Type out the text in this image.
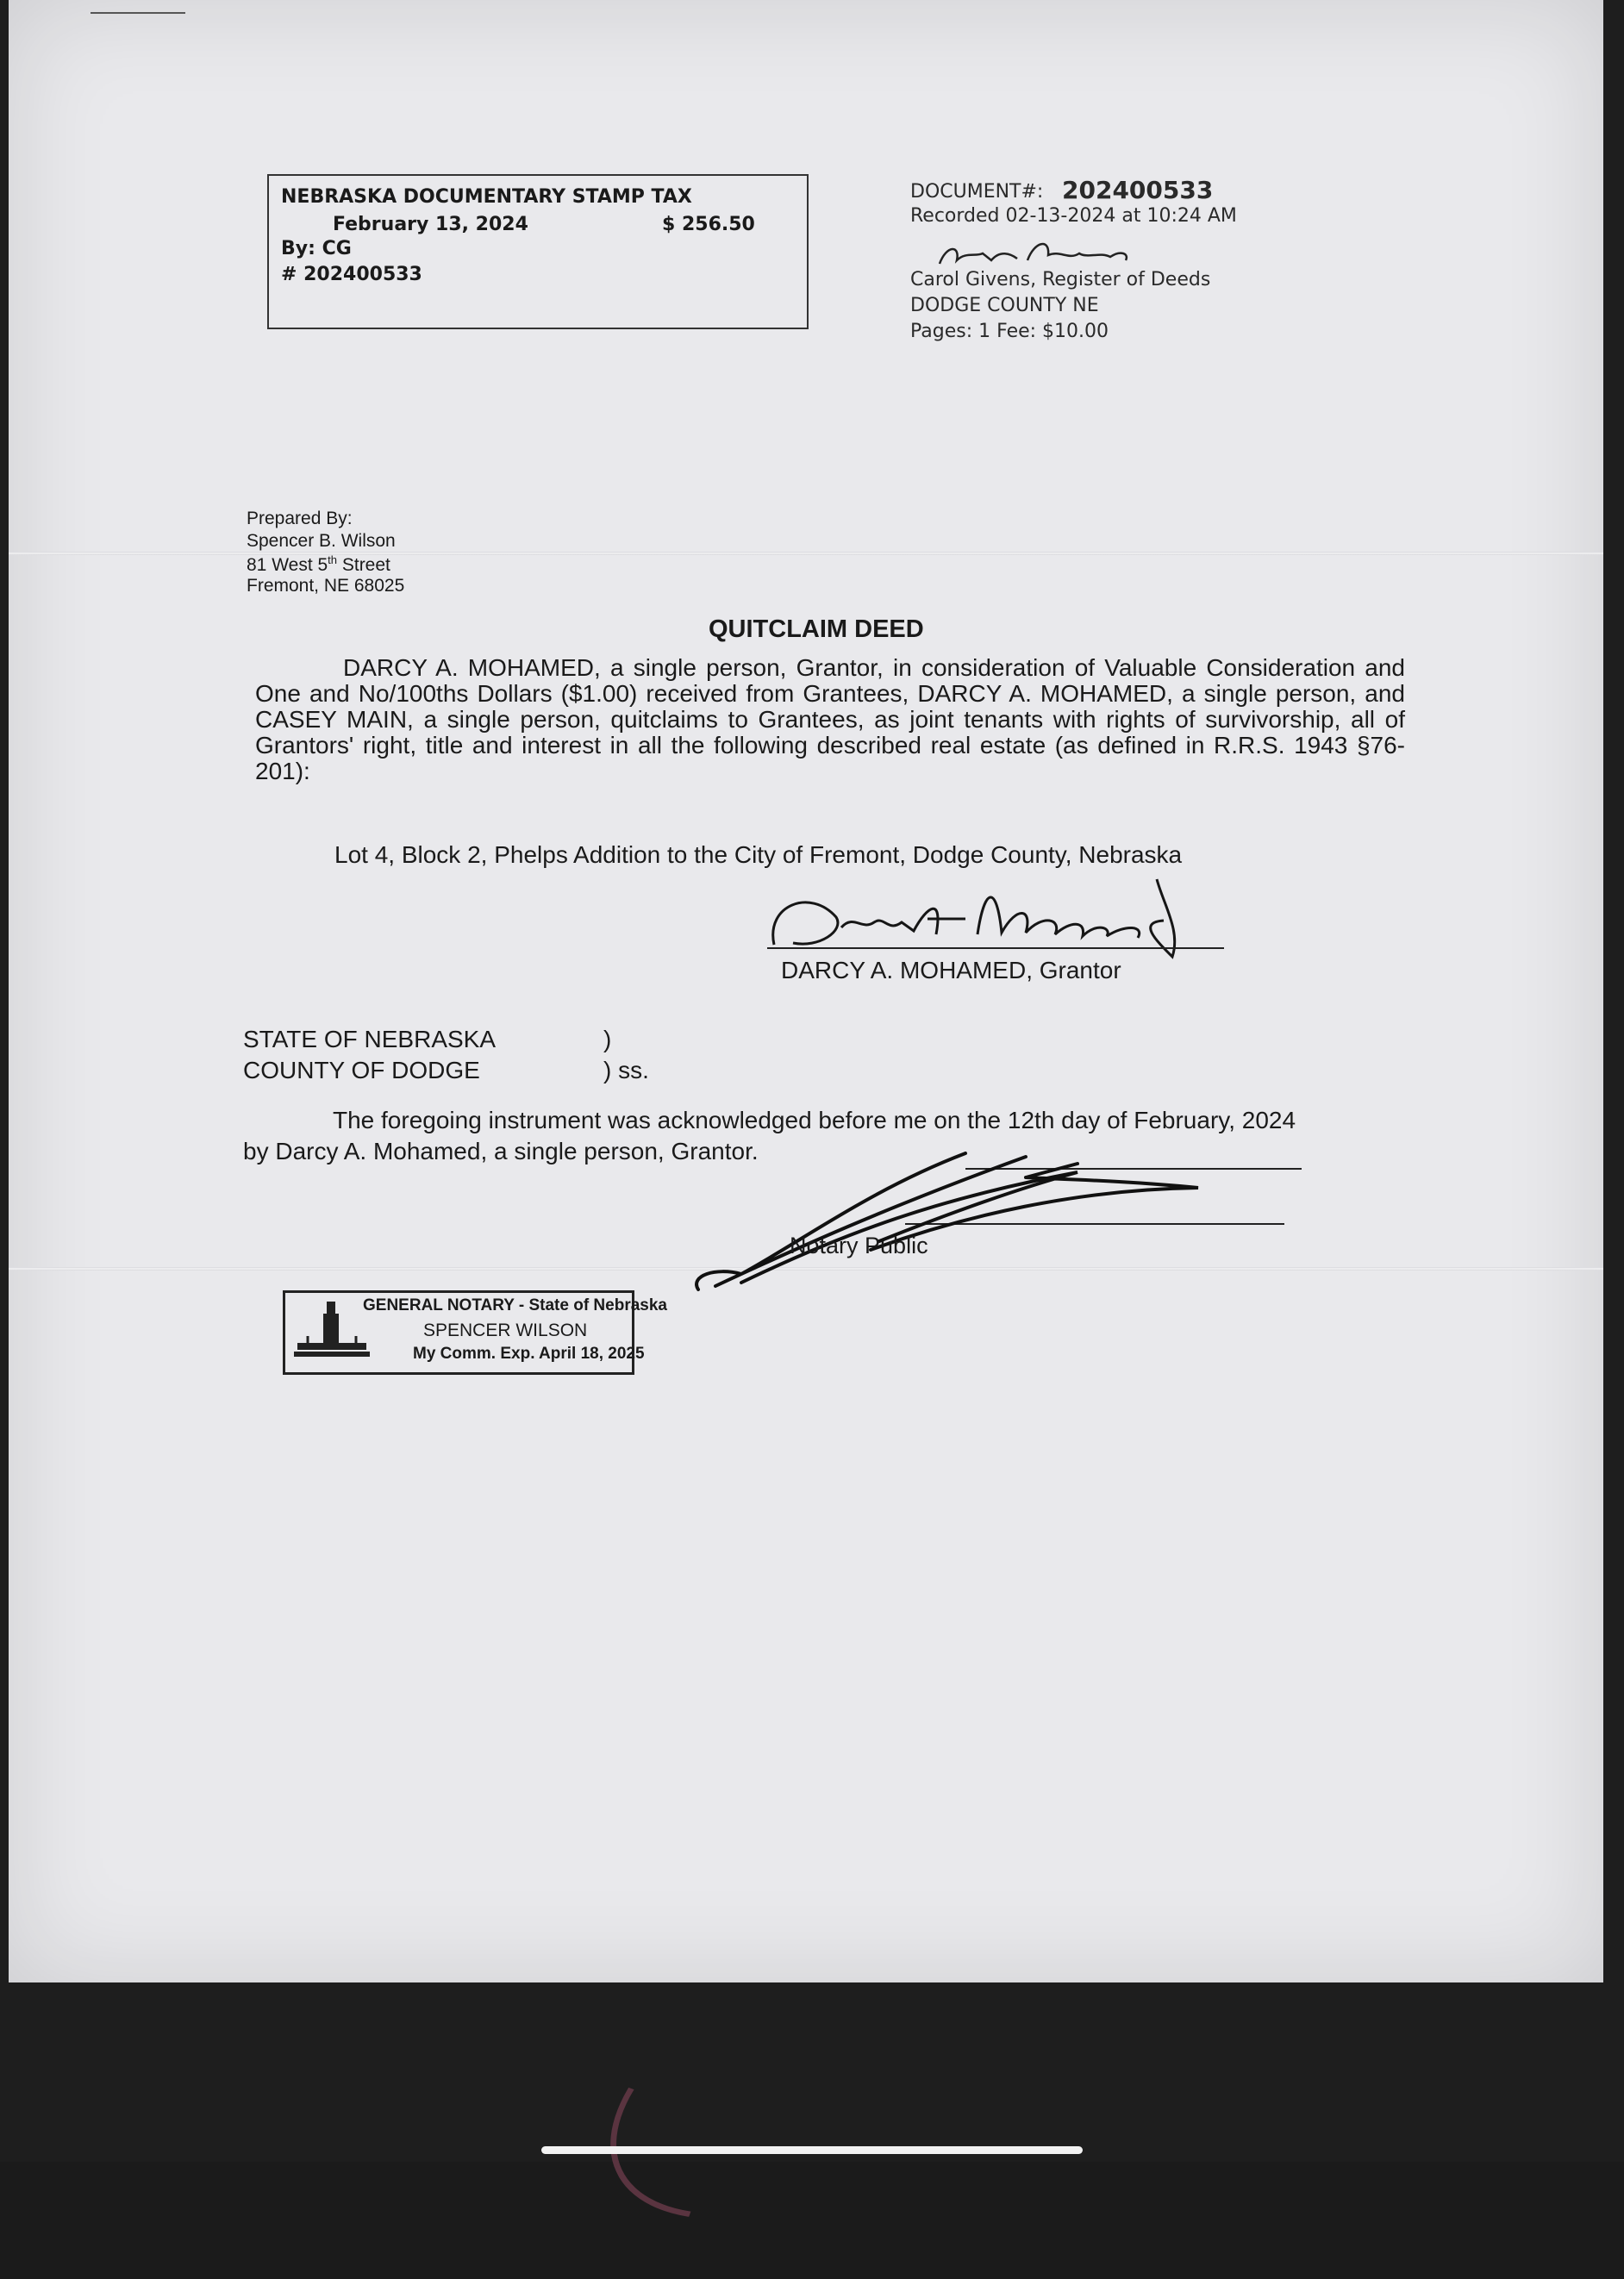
NEBRASKA DOCUMENTARY STAMP TAX
February 13, 2024	$ 256.50
By: CG
# 202400533
DOCUMENT#: 202400533
Recorded 02-13-2024 at 10:24 AM
Carol Givens, Register of Deeds
DODGE COUNTY NE
Pages: 1 Fee: $10.00
Prepared By:
Spencer B. Wilson
81 West 5th Street
Fremont, NE 68025
QUITCLAIM DEED
DARCY A. MOHAMED, a single person, Grantor, in consideration of Valuable Consideration and One and No/100ths Dollars ($1.00) received from Grantees, DARCY A. MOHAMED, a single person, and CASEY MAIN, a single person, quitclaims to Grantees, as joint tenants with rights of survivorship, all of Grantors' right, title and interest in all the following described real estate (as defined in R.R.S. 1943 §76-201):
Lot 4, Block 2, Phelps Addition to the City of Fremont, Dodge County, Nebraska
DARCY A. MOHAMED, Grantor
STATE OF NEBRASKA	)
COUNTY OF DODGE	) ss.
The foregoing instrument was acknowledged before me on the 12th day of February, 2024
by Darcy A. Mohamed, a single person, Grantor.
Notary Public
GENERAL NOTARY - State of Nebraska
SPENCER WILSON
My Comm. Exp. April 18, 2025
